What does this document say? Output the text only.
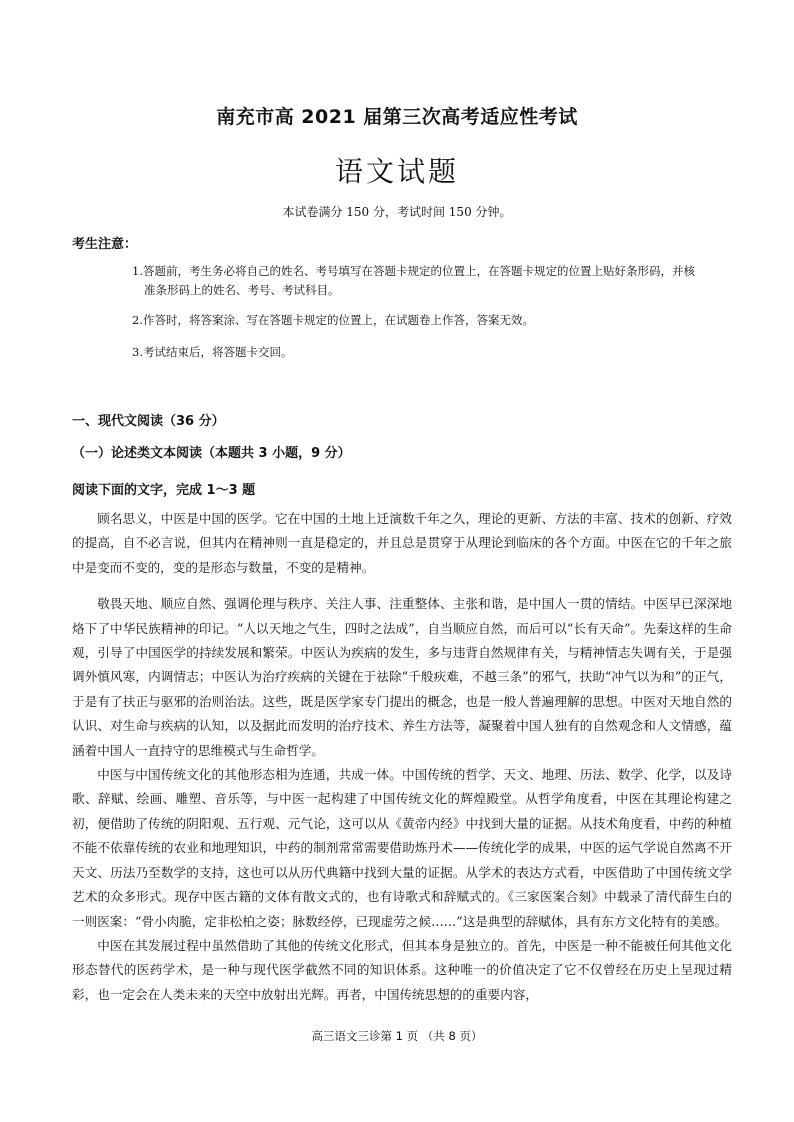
南充市高 2021 届第三次高考适应性考试
语文试题
本试卷满分 150 分，考试时间 150 分钟。
考生注意：
1.答题前，考生务必将自己的姓名、考号填写在答题卡规定的位置上，在答题卡规定的位置上贴好条形码，并核
准条形码上的姓名、考号、考试科目。
2.作答时，将答案涂、写在答题卡规定的位置上，在试题卷上作答，答案无效。
3.考试结束后，将答题卡交回。
一、现代文阅读（36 分）
（一）论述类文本阅读（本题共 3 小题，9 分）
阅读下面的文字，完成 1～3 题

顾名思义，中医是中国的医学。它在中国的土地上迁演数千年之久，理论的更新、方法的丰富、技术的创新、疗效的提高，自不必言说，但其内在精神则一直是稳定的，并且总是贯穿于从理论到临床的各个方面。中医在它的千年之旅中是变而不变的，变的是形态与数量，不变的是精神。

敬畏天地、顺应自然、强调伦理与秩序、关注人事、注重整体、主张和谐，是中国人一贯的情结。中医早已深深地烙下了中华民族精神的印记。“人以天地之气生，四时之法成”，自当顺应自然，而后可以“长有天命”。先秦这样的生命观，引导了中国医学的持续发展和繁荣。中医认为疾病的发生，多与违背自然规律有关，与精神情志失调有关，于是强调外慎风寒，内调情志；中医认为治疗疾病的关键在于祛除“千般疢难，不越三条”的邪气，扶助“冲气以为和”的正气，于是有了扶正与驱邪的治则治法。这些，既是医学家专门提出的概念，也是一般人普遍理解的思想。中医对天地自然的认识、对生命与疾病的认知，以及据此而发明的治疗技术、养生方法等，凝聚着中国人独有的自然观念和人文情感，蕴涵着中国人一直持守的思维模式与生命哲学。

中医与中国传统文化的其他形态相为连通，共成一体。中国传统的哲学、天文、地理、历法、数学、化学，以及诗歌、辞赋、绘画、雕塑、音乐等，与中医一起构建了中国传统文化的辉煌殿堂。从哲学角度看，中医在其理论构建之初，便借助了传统的阴阳观、五行观、元气论，这可以从《黄帝内经》中找到大量的证据。从技术角度看，中药的种植不能不依靠传统的农业和地理知识，中药的制剂常常需要借助炼丹术——传统化学的成果，中医的运气学说自然离不开天文、历法乃至数学的支持，这也可以从历代典籍中找到大量的证据。从学术的表达方式看，中医借助了中国传统文学艺术的众多形式。现存中医古籍的文体有散文式的，也有诗歌式和辞赋式的。《三家医案合刻》中载录了清代薛生白的一则医案：“骨小肉脆，定非松柏之姿；脉数经停，已现虚劳之候……”这是典型的辞赋体，具有东方文化特有的美感。

中医在其发展过程中虽然借助了其他的传统文化形式，但其本身是独立的。首先，中医是一种不能被任何其他文化形态替代的医药学术，是一种与现代医学截然不同的知识体系。这种唯一的价值决定了它不仅曾经在历史上呈现过精彩，也一定会在人类未来的天空中放射出光辉。再者，中国传统思想的的重要内容，

高三语文三诊第 1 页 （共 8 页）
